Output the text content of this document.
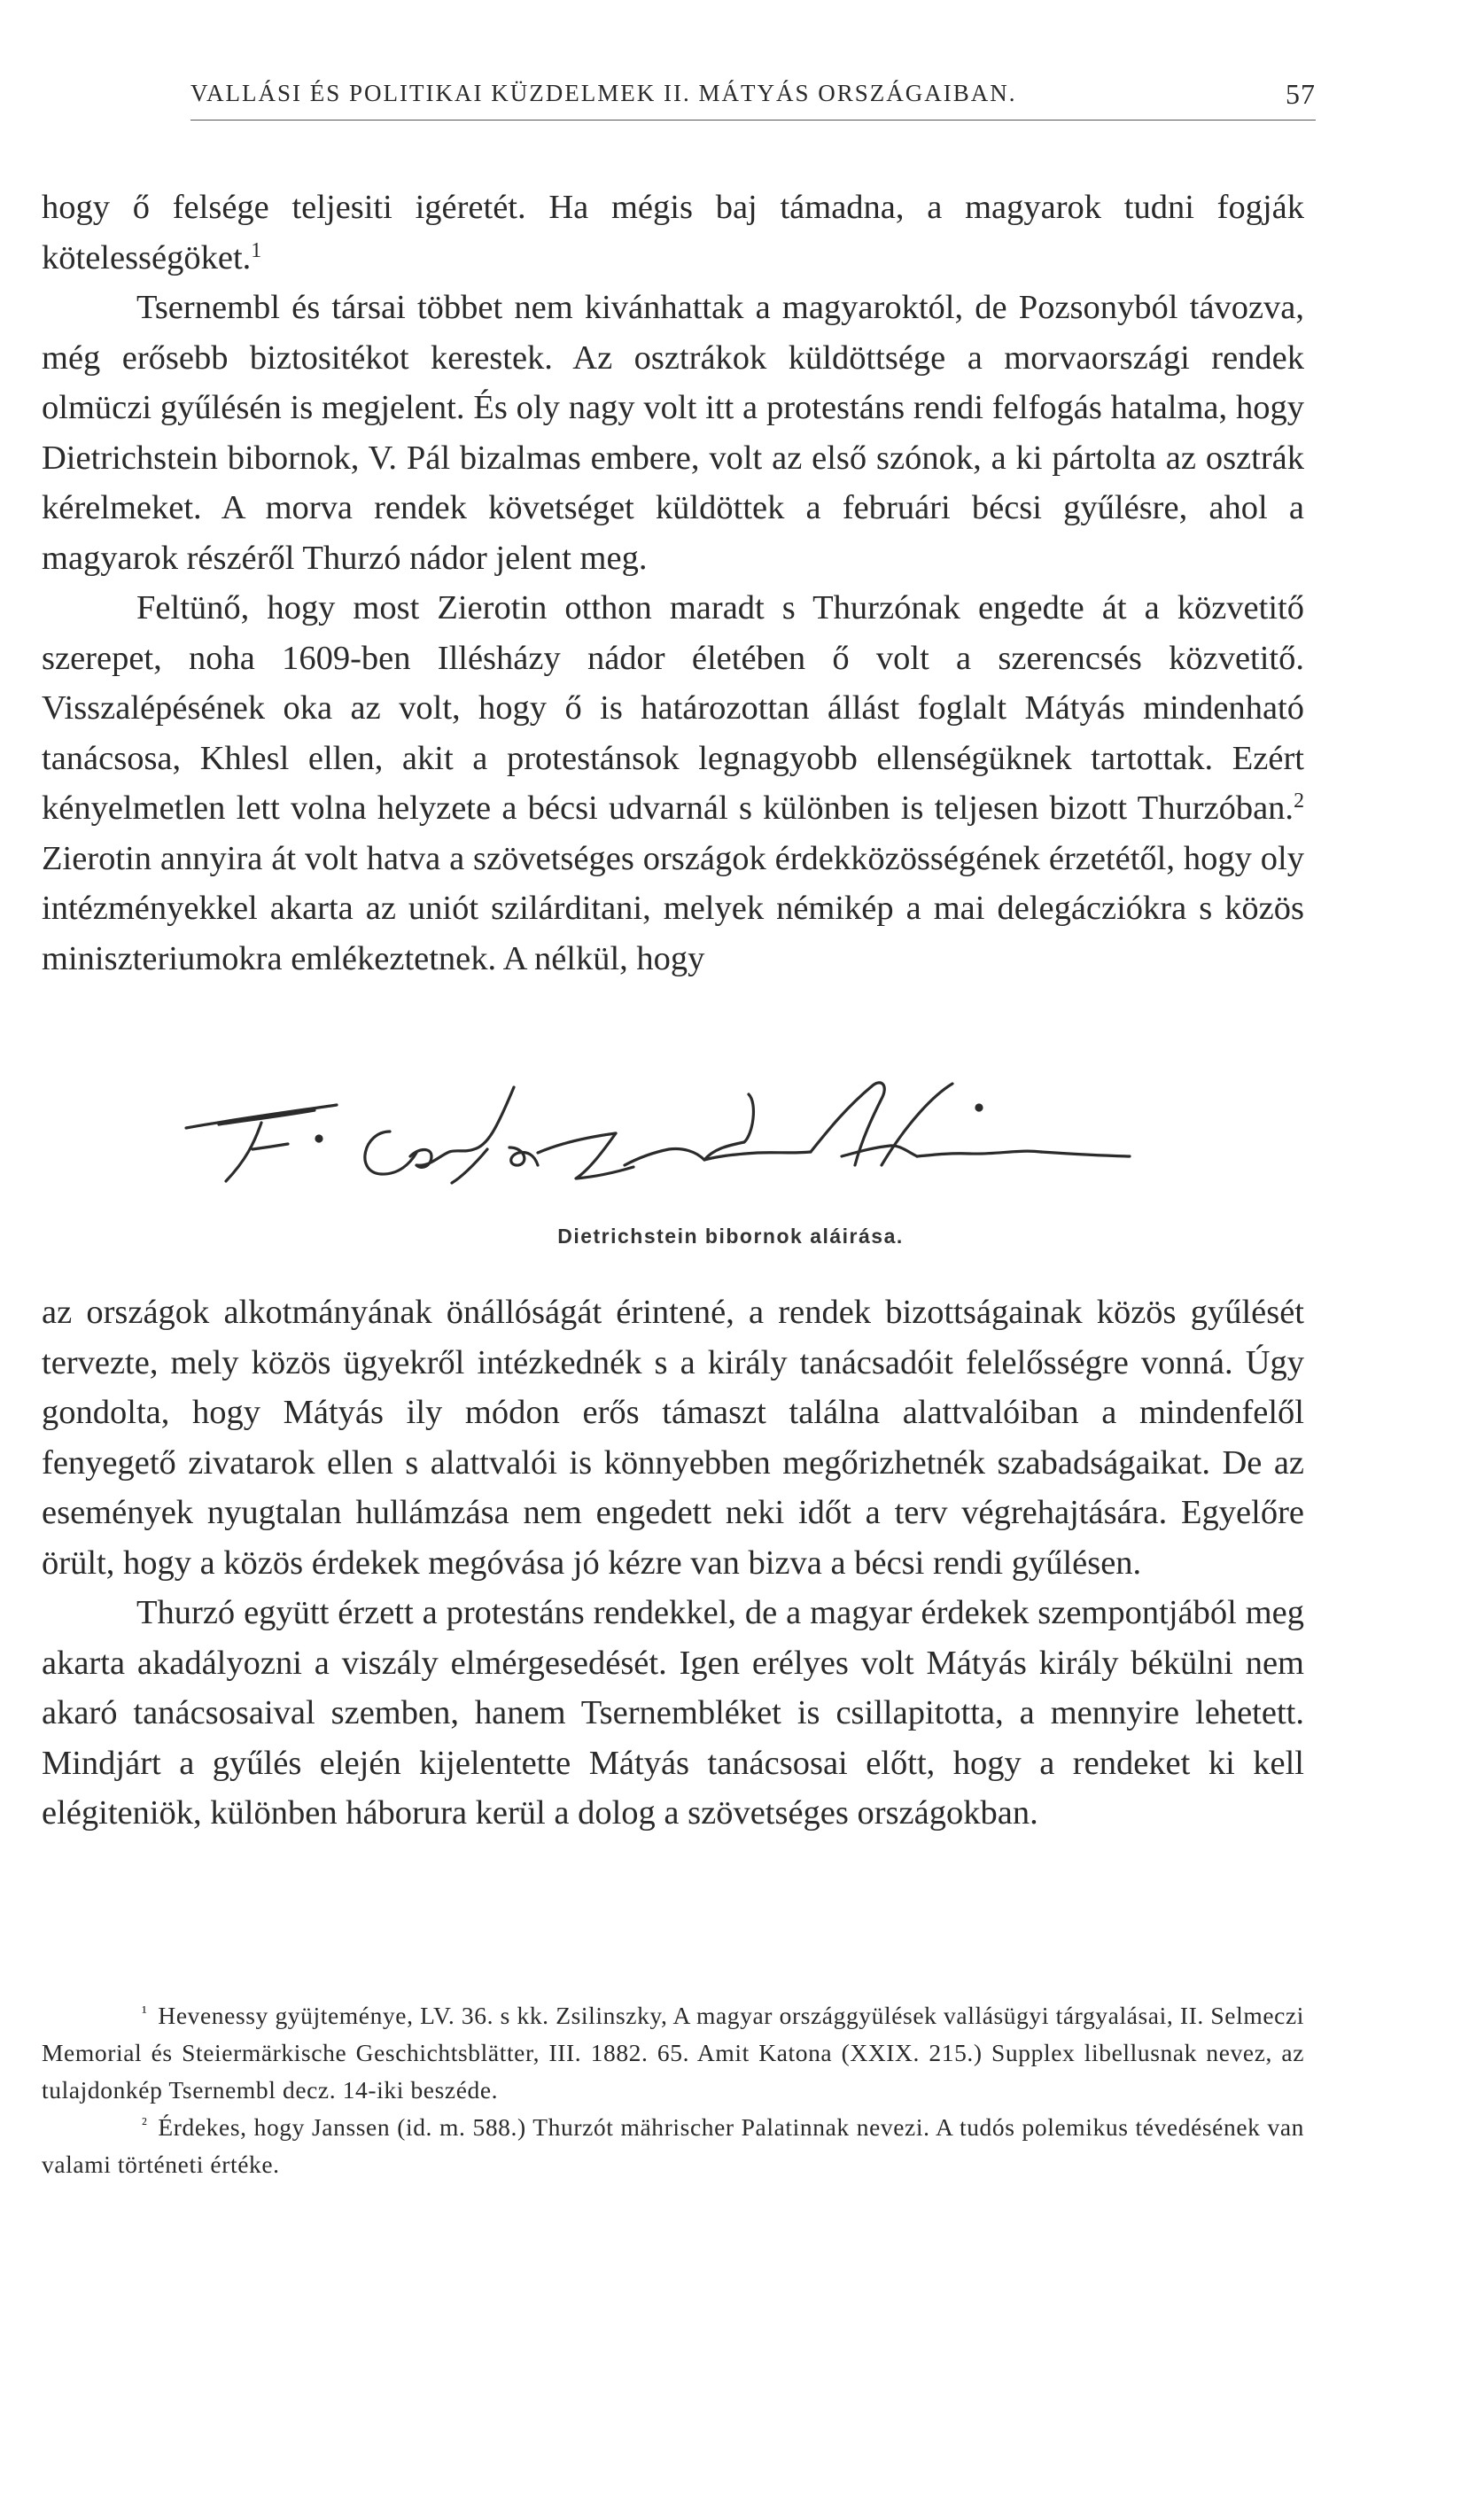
VALLÁSI ÉS POLITIKAI KÜZDELMEK II. MÁTYÁS ORSZÁGAIBAN.	57

hogy ő felsége teljesiti igéretét. Ha mégis baj támadna, a magyarok tudni fogják kötelességöket.$^1$

Tsernembl és társai többet nem kivánhattak a magyaroktól, de Pozsonyból távozva, még erősebb biztositékot kerestek. Az osztrákok küldöttsége a morvaországi rendek olmüczi gyűlésén is megjelent. És oly nagy volt itt a protestáns rendi felfogás hatalma, hogy Dietrichstein bibornok, V. Pál bizalmas embere, volt az első szónok, a ki pártolta az osztrák kérelmeket. A morva rendek követséget küldöttek a februári bécsi gyűlésre, ahol a magyarok részéről Thurzó nádor jelent meg.

Feltünő, hogy most Zierotin otthon maradt s Thurzónak engedte át a közvetitő szerepet, noha 1609-ben Illésházy nádor életében ő volt a szerencsés közvetitő. Visszalépésének oka az volt, hogy ő is határozottan állást foglalt Mátyás mindenható tanácsosa, Khlesl ellen, akit a protestánsok legnagyobb ellenségüknek tartottak. Ezért kényelmetlen lett volna helyzete a bécsi udvarnál s különben is teljesen bizott Thurzóban.$^2$ Zierotin annyira át volt hatva a szövetséges országok érdekközösségének érzetétől, hogy oly intézményekkel akarta az uniót szilárditani, melyek némikép a mai delegácziókra s közös miniszteriumokra emlékeztetnek. A nélkül, hogy

Dietrichstein bibornok aláirása.

az országok alkotmányának önállóságát érintené, a rendek bizottságainak közös gyűlését tervezte, mely közös ügyekről intézkednék s a király tanácsadóit felelősségre vonná. Úgy gondolta, hogy Mátyás ily módon erős támaszt találna alattvalóiban a mindenfelől fenyegető zivatarok ellen s alattvalói is könnyebben megőrizhetnék szabadságaikat. De az események nyugtalan hullámzása nem engedett neki időt a terv végrehajtására. Egyelőre örült, hogy a közös érdekek megóvása jó kézre van bizva a bécsi rendi gyűlésen.

Thurzó együtt érzett a protestáns rendekkel, de a magyar érdekek szempontjából meg akarta akadályozni a viszály elmérgesedését. Igen erélyes volt Mátyás király békülni nem akaró tanácsosaival szemben, hanem Tsernembléket is csillapitotta, a mennyire lehetett. Mindjárt a gyűlés elején kijelentette Mátyás tanácsosai előtt, hogy a rendeket ki kell elégiteniök, különben háborura kerül a dolog a szövetséges országokban.

$^{^1}$ Hevenessy gyüjteménye, LV. 36. s kk. Zsilinszky, A magyar országgyülések vallásügyi tárgyalásai, II. Selmeczi Memorial és Steiermärkische Geschichtsblätter, III. 1882. 65. Amit Katona (XXIX. 215.) Supplex libellusnak nevez, az tulajdonkép Tsernembl decz. 14-iki beszéde.

$^{^2}$ Érdekes, hogy Janssen (id. m. 588.) Thurzót mährischer Palatinnak nevezi. A tudós polemikus tévedésének van valami történeti értéke.
